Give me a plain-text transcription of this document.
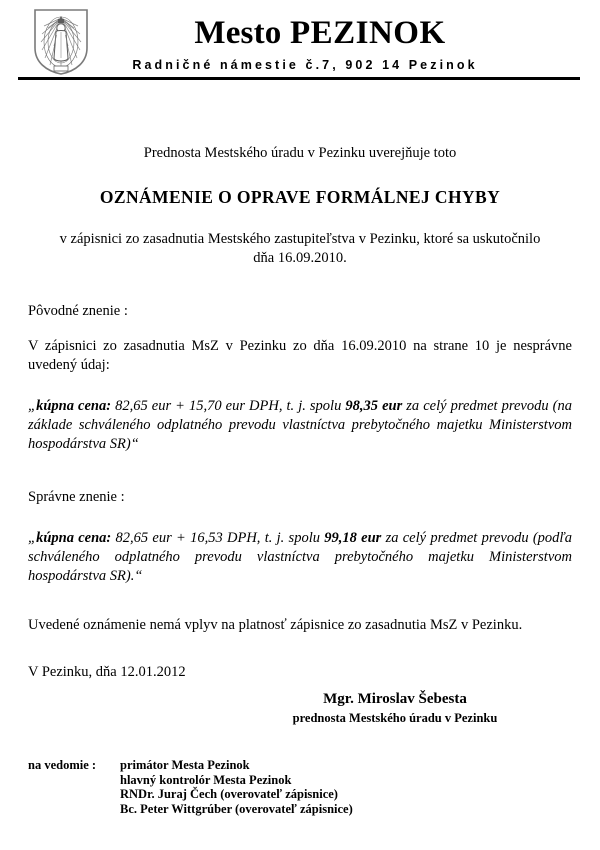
Mesto PEZINOK
Radničné námestie č.7, 902 14 Pezinok
Prednosta Mestského úradu v Pezinku uverejňuje toto
OZNÁMENIE O OPRAVE FORMÁLNEJ CHYBY
v zápisnici zo zasadnutia Mestského zastupiteľstva v Pezinku, ktoré sa uskutočnilo dňa 16.09.2010.
Pôvodné znenie :
V zápisnici zo zasadnutia MsZ v Pezinku zo dňa 16.09.2010 na strane 10 je nesprávne uvedený údaj:
„kúpna cena: 82,65 eur + 15,70 eur DPH, t. j. spolu 98,35 eur za celý predmet prevodu (na základe schváleného odplatného prevodu vlastníctva prebytočného majetku Ministerstvom hospodárstva SR)“
Správne znenie :
„kúpna cena: 82,65 eur + 16,53 DPH, t. j. spolu 99,18 eur za celý predmet prevodu (podľa schváleného odplatného prevodu vlastníctva prebytočného majetku Ministerstvom hospodárstva SR).“
Uvedené oznámenie nemá vplyv na platnosť zápisnice zo zasadnutia MsZ v Pezinku.
V Pezinku, dňa 12.01.2012
Mgr. Miroslav Šebesta
prednosta Mestského úradu v Pezinku
na vedomie :	primátor Mesta Pezinok
hlavný kontrolór Mesta Pezinok
RNDr. Juraj Čech (overovateľ zápisnice)
Bc. Peter Wittgrúber (overovateľ zápisnice)
